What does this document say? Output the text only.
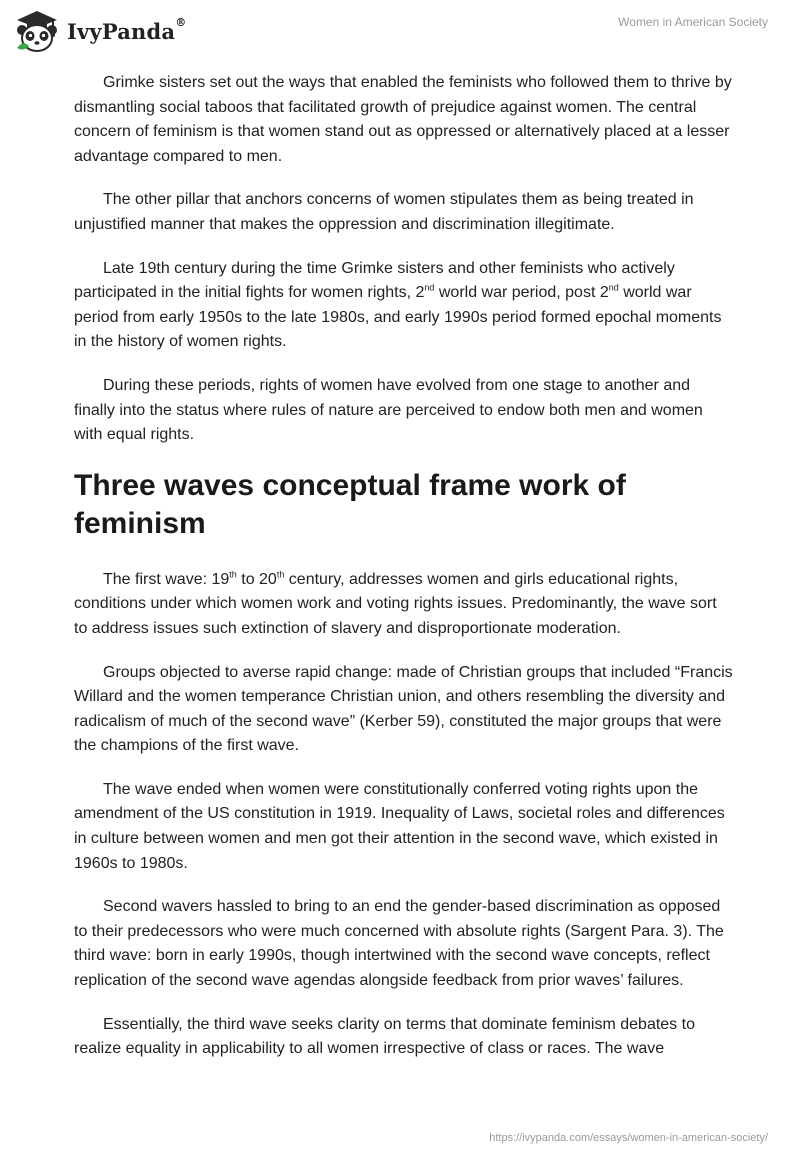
IvyPanda®	Women in American Society

Grimke sisters set out the ways that enabled the feminists who followed them to thrive by dismantling social taboos that facilitated growth of prejudice against women. The central concern of feminism is that women stand out as oppressed or alternatively placed at a lesser advantage compared to men.

The other pillar that anchors concerns of women stipulates them as being treated in unjustified manner that makes the oppression and discrimination illegitimate.

Late 19th century during the time Grimke sisters and other feminists who actively participated in the initial fights for women rights, 2nd world war period, post 2nd world war period from early 1950s to the late 1980s, and early 1990s period formed epochal moments in the history of women rights.

During these periods, rights of women have evolved from one stage to another and finally into the status where rules of nature are perceived to endow both men and women with equal rights.

Three waves conceptual frame work of feminism

The first wave: 19th to 20th century, addresses women and girls educational rights, conditions under which women work and voting rights issues. Predominantly, the wave sort to address issues such extinction of slavery and disproportionate moderation.

Groups objected to averse rapid change: made of Christian groups that included “Francis Willard and the women temperance Christian union, and others resembling the diversity and radicalism of much of the second wave” (Kerber 59), constituted the major groups that were the champions of the first wave.

The wave ended when women were constitutionally conferred voting rights upon the amendment of the US constitution in 1919. Inequality of Laws, societal roles and differences in culture between women and men got their attention in the second wave, which existed in 1960s to 1980s.

Second wavers hassled to bring to an end the gender-based discrimination as opposed to their predecessors who were much concerned with absolute rights (Sargent Para. 3). The third wave: born in early 1990s, though intertwined with the second wave concepts, reflect replication of the second wave agendas alongside feedback from prior waves’ failures.

Essentially, the third wave seeks clarity on terms that dominate feminism debates to realize equality in applicability to all women irrespective of class or races. The wave

https://ivypanda.com/essays/women-in-american-society/
